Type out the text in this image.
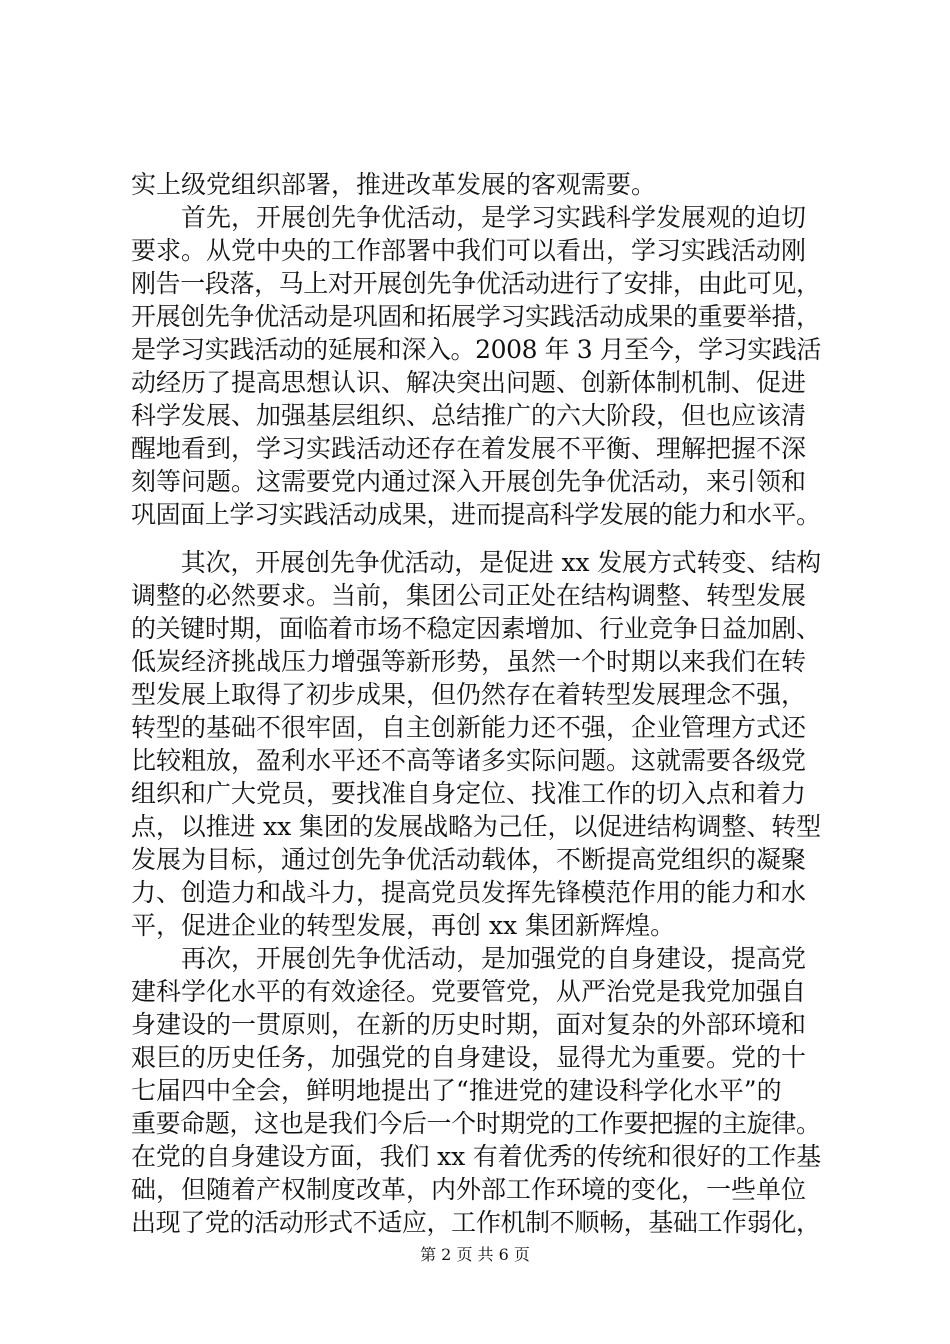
实上级党组织部署，推进改革发展的客观需要。
　　首先，开展创先争优活动，是学习实践科学发展观的迫切
要求。从党中央的工作部署中我们可以看出，学习实践活动刚
刚告一段落，马上对开展创先争优活动进行了安排，由此可见，
开展创先争优活动是巩固和拓展学习实践活动成果的重要举措，
是学习实践活动的延展和深入。2008 年 3 月至今，学习实践活
动经历了提高思想认识、解决突出问题、创新体制机制、促进
科学发展、加强基层组织、总结推广的六大阶段，但也应该清
醒地看到，学习实践活动还存在着发展不平衡、理解把握不深
刻等问题。这需要党内通过深入开展创先争优活动，来引领和
巩固面上学习实践活动成果，进而提高科学发展的能力和水平。
　　其次，开展创先争优活动，是促进 xx 发展方式转变、结构
调整的必然要求。当前，集团公司正处在结构调整、转型发展
的关键时期，面临着市场不稳定因素增加、行业竞争日益加剧、
低炭经济挑战压力增强等新形势，虽然一个时期以来我们在转
型发展上取得了初步成果，但仍然存在着转型发展理念不强，
转型的基础不很牢固，自主创新能力还不强，企业管理方式还
比较粗放，盈利水平还不高等诸多实际问题。这就需要各级党
组织和广大党员，要找准自身定位、找准工作的切入点和着力
点，以推进 xx 集团的发展战略为己任，以促进结构调整、转型
发展为目标，通过创先争优活动载体，不断提高党组织的凝聚
力、创造力和战斗力，提高党员发挥先锋模范作用的能力和水
平，促进企业的转型发展，再创 xx 集团新辉煌。
　　再次，开展创先争优活动，是加强党的自身建设，提高党
建科学化水平的有效途径。党要管党，从严治党是我党加强自
身建设的一贯原则，在新的历史时期，面对复杂的外部环境和
艰巨的历史任务，加强党的自身建设，显得尤为重要。党的十
七届四中全会，鲜明地提出了“推进党的建设科学化水平”的
重要命题，这也是我们今后一个时期党的工作要把握的主旋律。
在党的自身建设方面，我们 xx 有着优秀的传统和很好的工作基
础，但随着产权制度改革，内外部工作环境的变化，一些单位
出现了党的活动形式不适应，工作机制不顺畅，基础工作弱化，
第 2 页 共 6 页
